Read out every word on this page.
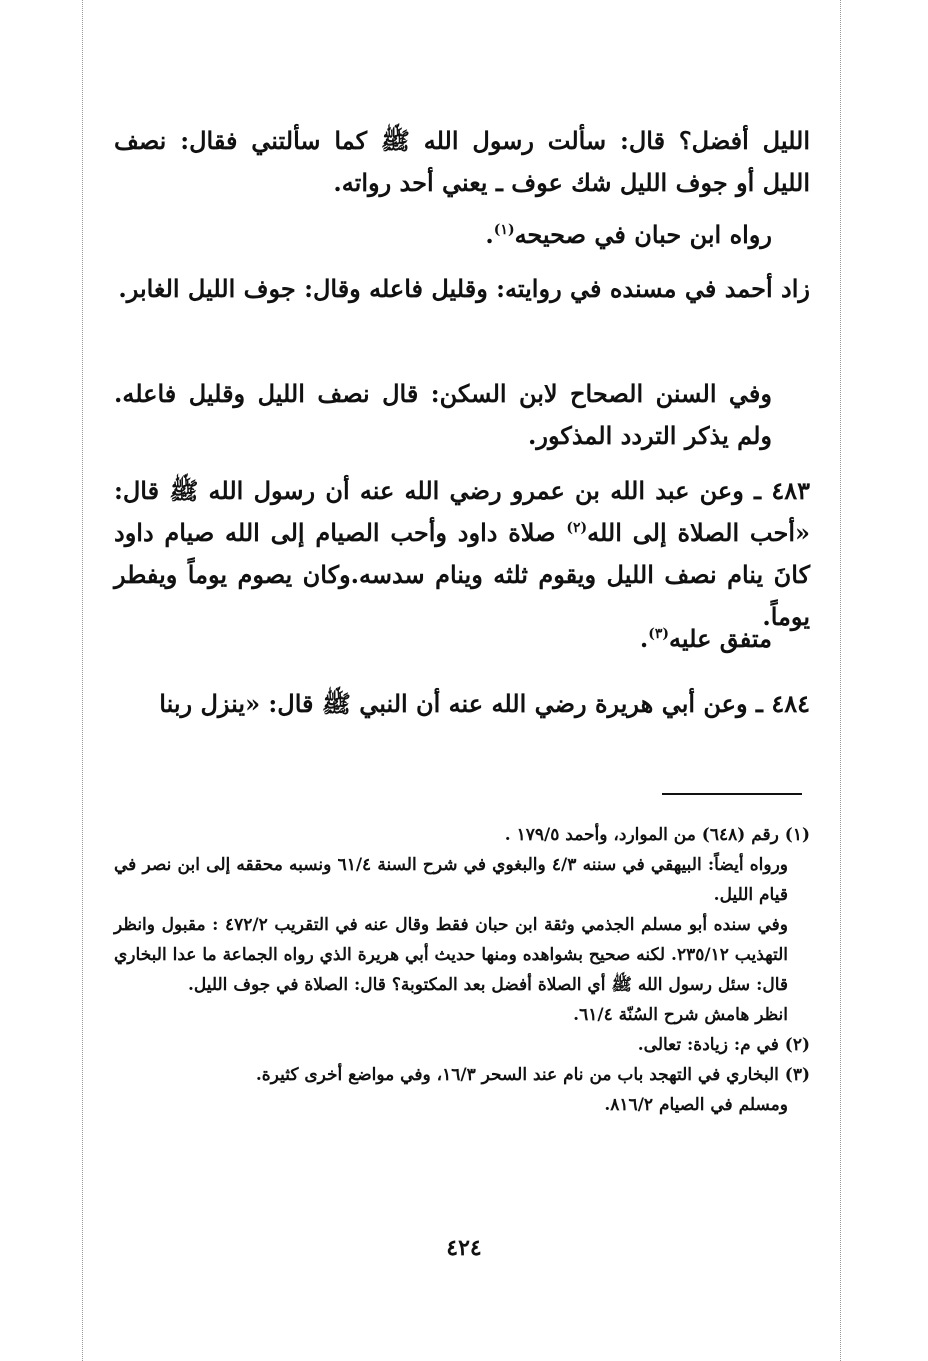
الليل أفضل؟ قال: سألت رسول الله ﷺ كما سألتني فقال: نصف الليل أو جوف الليل شك عوف ـ يعني أحد رواته.

رواه ابن حبان في صحيحه$^{(١)}$.

زاد أحمد في مسنده في روايته: وقليل فاعله وقال: جوف الليل الغابر.

وفي السنن الصحاح لابن السكن: قال نصف الليل وقليل فاعله. ولم يذكر التردد المذكور.

٤٨٣ ـ وعن عبد الله بن عمرو رضي الله عنه أن رسول الله ﷺ قال: «أحب الصلاة إلى الله$^{(٢)}$ صلاة داود وأحب الصيام إلى الله صيام داود كانَ ينام نصف الليل ويقوم ثلثه وينام سدسه.وكان يصوم يوماً ويفطر يوماً.

متفق عليه$^{(٣)}$.

٤٨٤ ـ وعن أبي هريرة رضي الله عنه أن النبي ﷺ قال: «ينزل ربنا

(١) رقم (٦٤٨) من الموارد، وأحمد ١٧٩/٥ .

ورواه أيضاً: البيهقي في سننه ٤/٣ والبغوي في شرح السنة ٦١/٤ ونسبه محققه إلى ابن نصر في قيام الليل.

وفي سنده أبو مسلم الجذمي وثقة ابن حبان فقط وقال عنه في التقريب ٤٧٢/٢ : مقبول وانظر التهذيب ٢٣٥/١٢. لكنه صحيح بشواهده ومنها حديث أبي هريرة الذي رواه الجماعة ما عدا البخاري قال: سئل رسول الله ﷺ أي الصلاة أفضل بعد المكتوبة؟ قال: الصلاة في جوف الليل.

انظر هامش شرح السُنّة ٦١/٤.

(٢) في م: زيادة: تعالى.

(٣) البخاري في التهجد باب من نام عند السحر ١٦/٣، وفي مواضع أخرى كثيرة.

ومسلم في الصيام ٨١٦/٢.

٤٢٤
